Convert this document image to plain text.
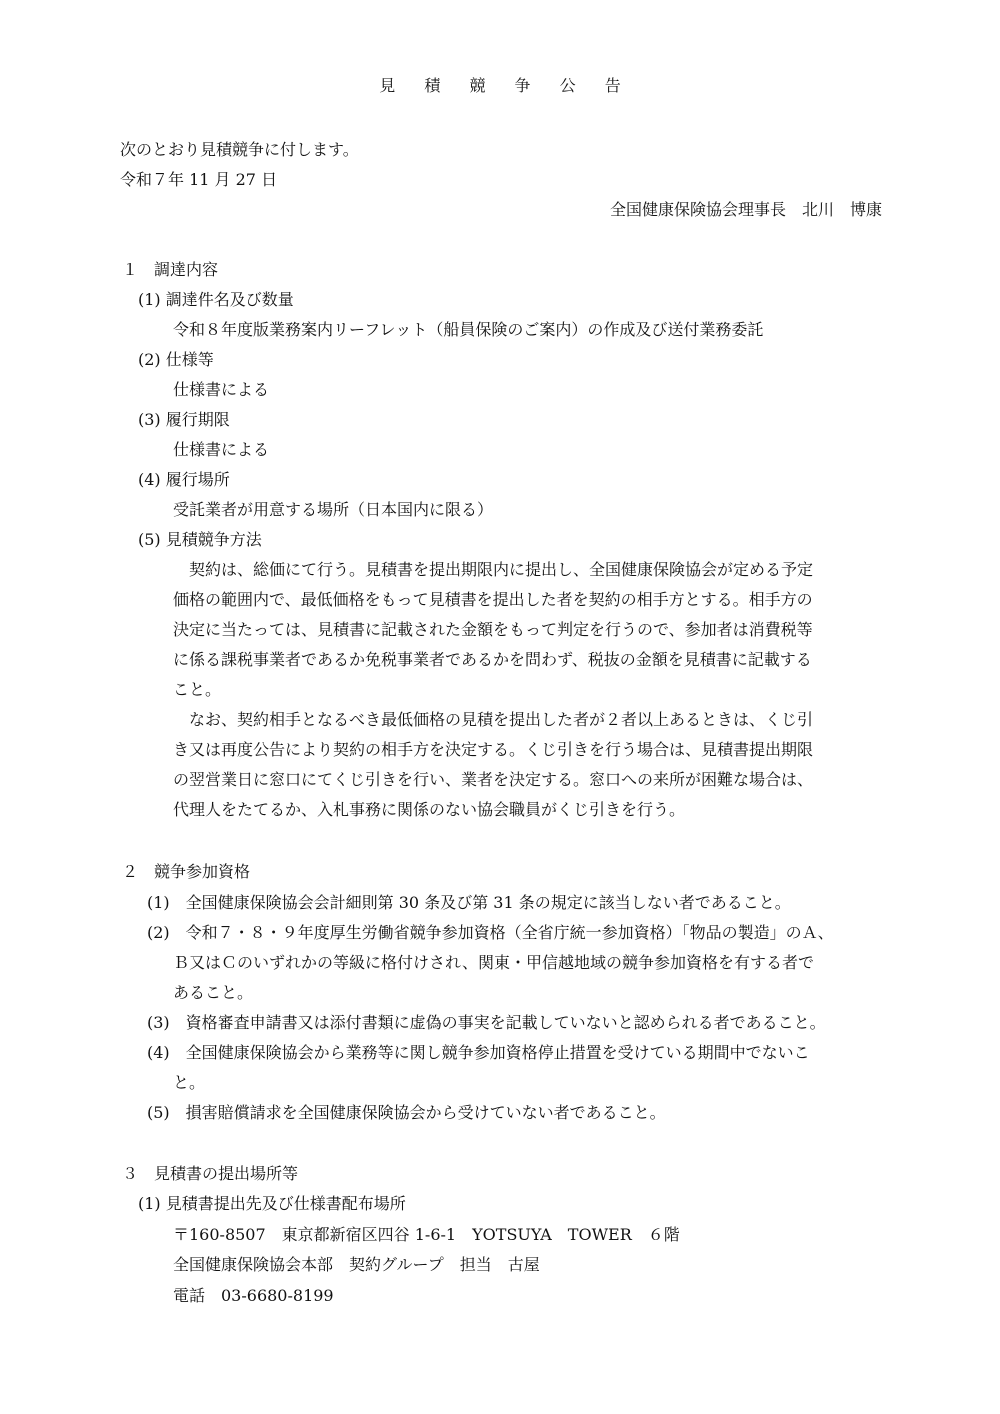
見 積 競 争 公 告
次のとおり見積競争に付します。
令和７年 11 月 27 日
全国健康保険協会理事長　北川　博康
１　調達内容
(1) 調達件名及び数量
令和８年度版業務案内リーフレット（船員保険のご案内）の作成及び送付業務委託
(2) 仕様等
仕様書による
(3) 履行期限
仕様書による
(4) 履行場所
受託業者が用意する場所（日本国内に限る）
(5) 見積競争方法
　契約は、総価にて行う。見積書を提出期限内に提出し、全国健康保険協会が定める予定
価格の範囲内で、最低価格をもって見積書を提出した者を契約の相手方とする。相手方の
決定に当たっては、見積書に記載された金額をもって判定を行うので、参加者は消費税等
に係る課税事業者であるか免税事業者であるかを問わず、税抜の金額を見積書に記載する
こと。
　なお、契約相手となるべき最低価格の見積を提出した者が２者以上あるときは、くじ引
き又は再度公告により契約の相手方を決定する。くじ引きを行う場合は、見積書提出期限
の翌営業日に窓口にてくじ引きを行い、業者を決定する。窓口への来所が困難な場合は、
代理人をたてるか、入札事務に関係のない協会職員がくじ引きを行う。
２　競争参加資格
(1)　全国健康保険協会会計細則第 30 条及び第 31 条の規定に該当しない者であること。
(2)　令和７・８・９年度厚生労働省競争参加資格（全省庁統一参加資格）「物品の製造」のＡ、
Ｂ又はＣのいずれかの等級に格付けされ、関東・甲信越地域の競争参加資格を有する者で
あること。
(3)　資格審査申請書又は添付書類に虚偽の事実を記載していないと認められる者であること。
(4)　全国健康保険協会から業務等に関し競争参加資格停止措置を受けている期間中でないこ
と。
(5)　損害賠償請求を全国健康保険協会から受けていない者であること。
３　見積書の提出場所等
(1) 見積書提出先及び仕様書配布場所
〒160-8507　東京都新宿区四谷 1-6-1　YOTSUYA　TOWER　６階
全国健康保険協会本部　契約グループ　担当　古屋
電話　03-6680-8199
